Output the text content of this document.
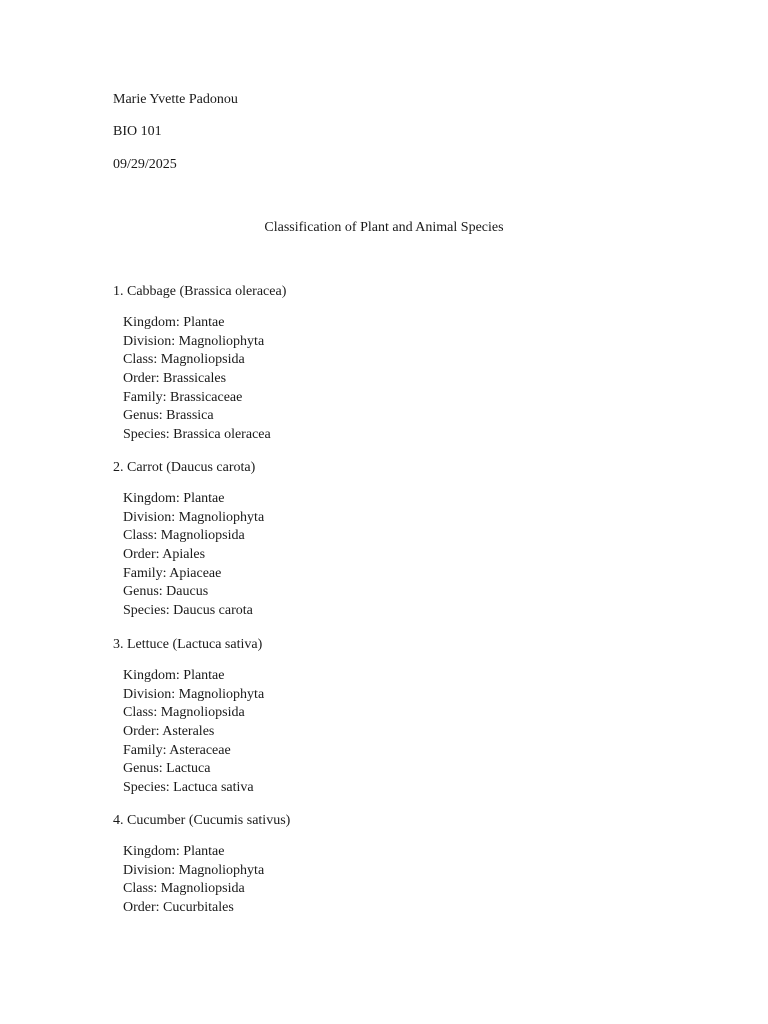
Marie Yvette Padonou
BIO 101
09/29/2025
Classification of Plant and Animal Species
1. Cabbage (Brassica oleracea)
Kingdom: Plantae
Division: Magnoliophyta
Class: Magnoliopsida
Order: Brassicales
Family: Brassicaceae
Genus: Brassica
Species: Brassica oleracea
2. Carrot (Daucus carota)
Kingdom: Plantae
Division: Magnoliophyta
Class: Magnoliopsida
Order: Apiales
Family: Apiaceae
Genus: Daucus
Species: Daucus carota
3. Lettuce (Lactuca sativa)
Kingdom: Plantae
Division: Magnoliophyta
Class: Magnoliopsida
Order: Asterales
Family: Asteraceae
Genus: Lactuca
Species: Lactuca sativa
4. Cucumber (Cucumis sativus)
Kingdom: Plantae
Division: Magnoliophyta
Class: Magnoliopsida
Order: Cucurbitales
